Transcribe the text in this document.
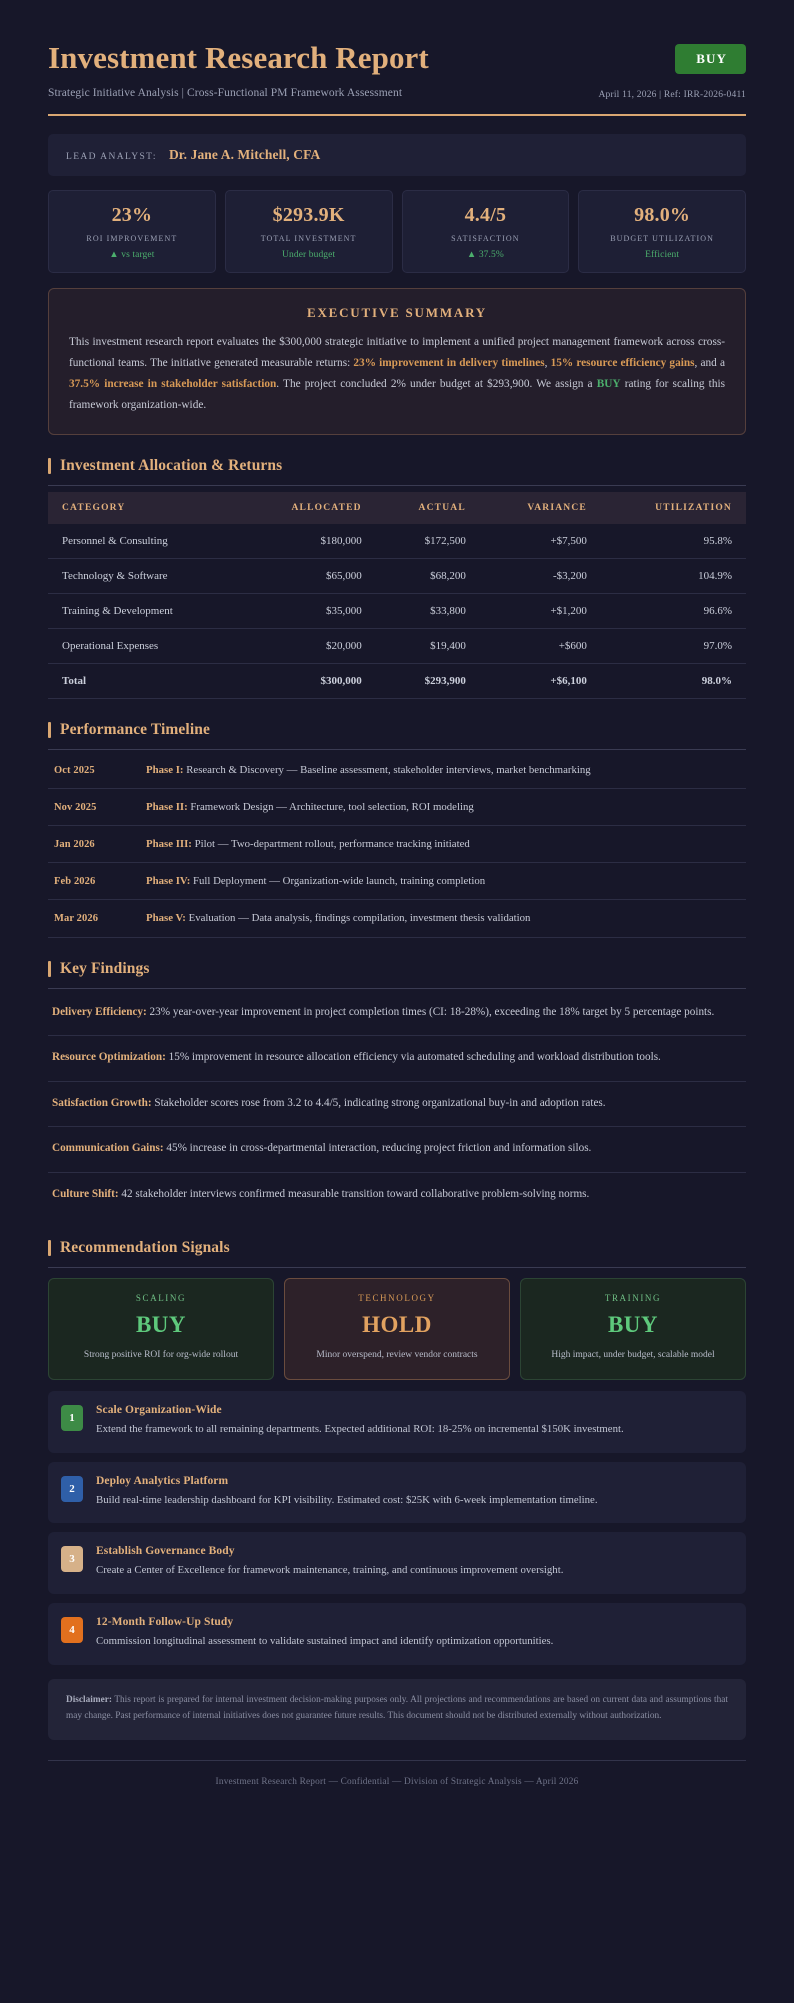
Investment Research Report
Strategic Initiative Analysis | Cross-Functional PM Framework Assessment
BUY
April 11, 2026 | Ref: IRR-2026-0411
LEAD ANALYST: Dr. Jane A. Mitchell, CFA
23%
ROI IMPROVEMENT
▲ vs target
$293.9K
TOTAL INVESTMENT
Under budget
4.4/5
SATISFACTION
▲ 37.5%
98.0%
BUDGET UTILIZATION
Efficient
EXECUTIVE SUMMARY
This investment research report evaluates the $300,000 strategic initiative to implement a unified project management framework across cross-functional teams. The initiative generated measurable returns: 23% improvement in delivery timelines, 15% resource efficiency gains, and a 37.5% increase in stakeholder satisfaction. The project concluded 2% under budget at $293,900. We assign a BUY rating for scaling this framework organization-wide.
Investment Allocation & Returns
CATEGORY	ALLOCATED	ACTUAL	VARIANCE	UTILIZATION
Personnel & Consulting	$180,000	$172,500	+$7,500	95.8%
Technology & Software	$65,000	$68,200	-$3,200	104.9%
Training & Development	$35,000	$33,800	+$1,200	96.6%
Operational Expenses	$20,000	$19,400	+$600	97.0%
Total	$300,000	$293,900	+$6,100	98.0%
Performance Timeline
Oct 2025	Phase I: Research & Discovery — Baseline assessment, stakeholder interviews, market benchmarking
Nov 2025	Phase II: Framework Design — Architecture, tool selection, ROI modeling
Jan 2026	Phase III: Pilot — Two-department rollout, performance tracking initiated
Feb 2026	Phase IV: Full Deployment — Organization-wide launch, training completion
Mar 2026	Phase V: Evaluation — Data analysis, findings compilation, investment thesis validation
Key Findings
Delivery Efficiency: 23% year-over-year improvement in project completion times (CI: 18-28%), exceeding the 18% target by 5 percentage points.
Resource Optimization: 15% improvement in resource allocation efficiency via automated scheduling and workload distribution tools.
Satisfaction Growth: Stakeholder scores rose from 3.2 to 4.4/5, indicating strong organizational buy-in and adoption rates.
Communication Gains: 45% increase in cross-departmental interaction, reducing project friction and information silos.
Culture Shift: 42 stakeholder interviews confirmed measurable transition toward collaborative problem-solving norms.
Recommendation Signals
SCALING
BUY
Strong positive ROI for org-wide rollout
TECHNOLOGY
HOLD
Minor overspend, review vendor contracts
TRAINING
BUY
High impact, under budget, scalable model
1
Scale Organization-Wide
Extend the framework to all remaining departments. Expected additional ROI: 18-25% on incremental $150K investment.
2
Deploy Analytics Platform
Build real-time leadership dashboard for KPI visibility. Estimated cost: $25K with 6-week implementation timeline.
3
Establish Governance Body
Create a Center of Excellence for framework maintenance, training, and continuous improvement oversight.
4
12-Month Follow-Up Study
Commission longitudinal assessment to validate sustained impact and identify optimization opportunities.
Disclaimer: This report is prepared for internal investment decision-making purposes only. All projections and recommendations are based on current data and assumptions that may change. Past performance of internal initiatives does not guarantee future results. This document should not be distributed externally without authorization.
Investment Research Report — Confidential — Division of Strategic Analysis — April 2026
